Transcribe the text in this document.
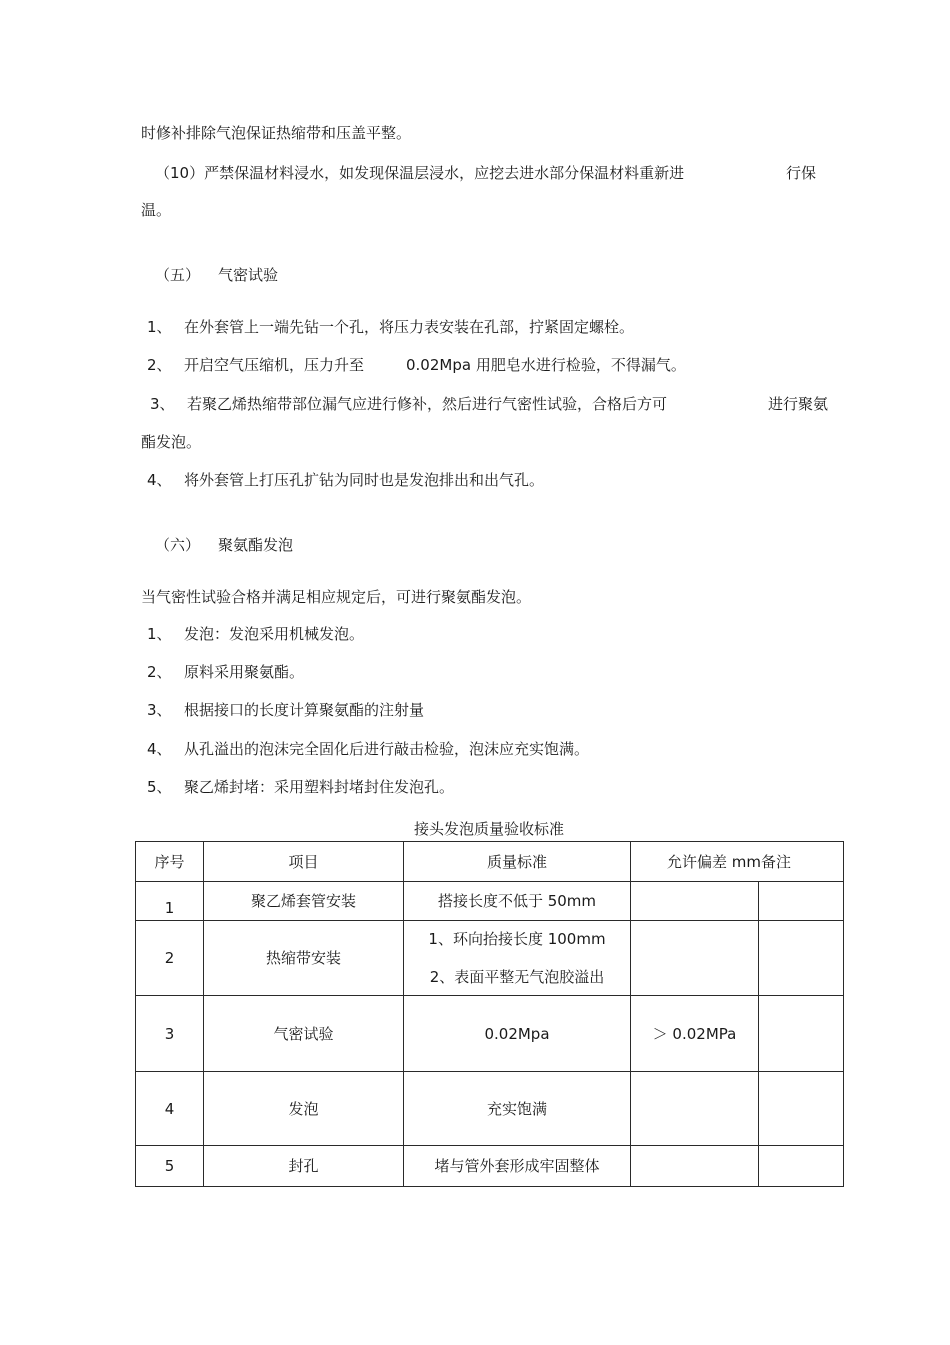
时修补排除气泡保证热缩带和压盖平整。
（10）严禁保温材料浸水，如发现保温层浸水，应挖去进水部分保温材料重新进	行保
温。
（五） 气密试验
1、 在外套管上一端先钻一个孔，将压力表安装在孔部，拧紧固定螺栓。
2、 开启空气压缩机，压力升至	0.02Mpa 用肥皂水进行检验，不得漏气。
3、 若聚乙烯热缩带部位漏气应进行修补，然后进行气密性试验，合格后方可	进行聚氨
酯发泡。
4、 将外套管上打压孔扩钻为同时也是发泡排出和出气孔。
（六） 聚氨酯发泡
当气密性试验合格并满足相应规定后，可进行聚氨酯发泡。
1、 发泡：发泡采用机械发泡。
2、 原料采用聚氨酯。
3、 根据接口的长度计算聚氨酯的注射量
4、 从孔溢出的泡沫完全固化后进行敲击检验，泡沫应充实饱满。
5、 聚乙烯封堵：采用塑料封堵封住发泡孔。
接头发泡质量验收标准
序号	项目	质量标准	允许偏差 mm备注	
1	聚乙烯套管安装	搭接长度不低于 50mm		
2	热缩带安装	1、环向抬接长度 100mm
2、表面平整无气泡胶溢出		

3	气密试验	0.02Mpa	＞ 0.02MPa	
4	发泡	充实饱满		
5	封孔	堵与管外套形成牢固整体		
